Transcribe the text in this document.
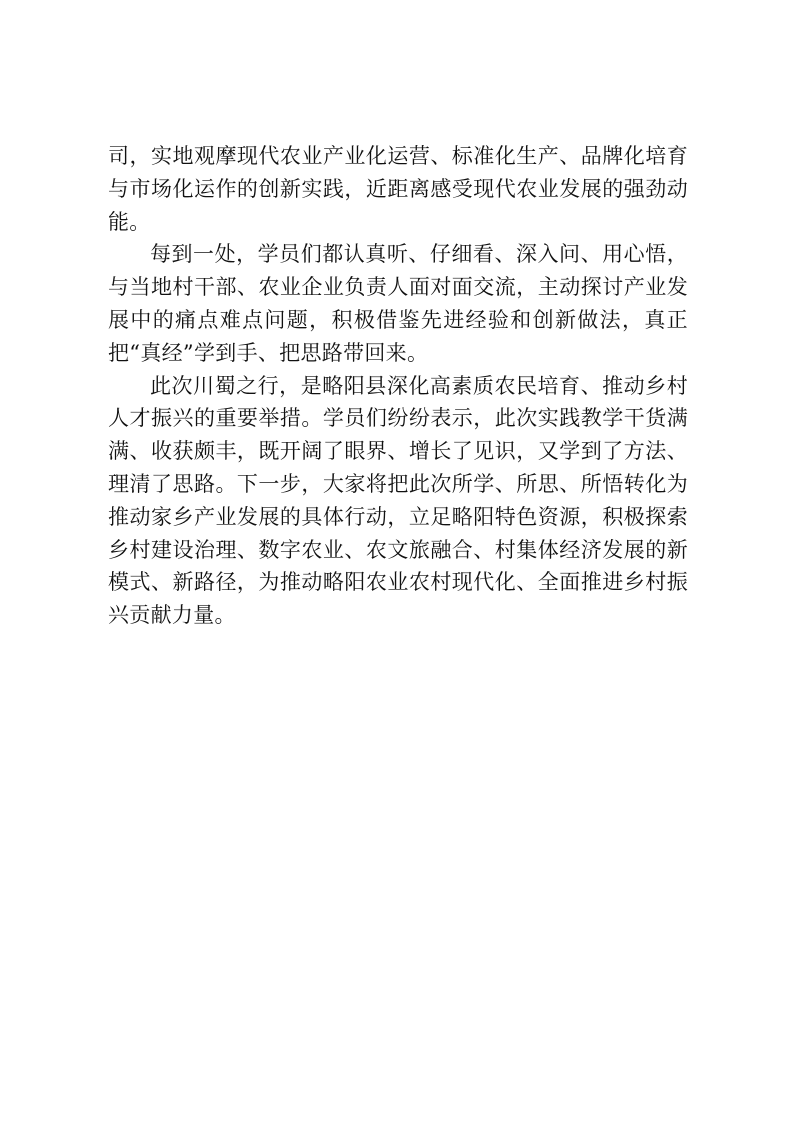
司，实地观摩现代农业产业化运营、标准化生产、品牌化培育与市场化运作的创新实践，近距离感受现代农业发展的强劲动能。

每到一处，学员们都认真听、仔细看、深入问、用心悟，与当地村干部、农业企业负责人面对面交流，主动探讨产业发展中的痛点难点问题，积极借鉴先进经验和创新做法，真正把“真经”学到手、把思路带回来。

此次川蜀之行，是略阳县深化高素质农民培育、推动乡村人才振兴的重要举措。学员们纷纷表示，此次实践教学干货满满、收获颇丰，既开阔了眼界、增长了见识，又学到了方法、理清了思路。下一步，大家将把此次所学、所思、所悟转化为推动家乡产业发展的具体行动，立足略阳特色资源，积极探索乡村建设治理、数字农业、农文旅融合、村集体经济发展的新模式、新路径，为推动略阳农业农村现代化、全面推进乡村振兴贡献力量。
